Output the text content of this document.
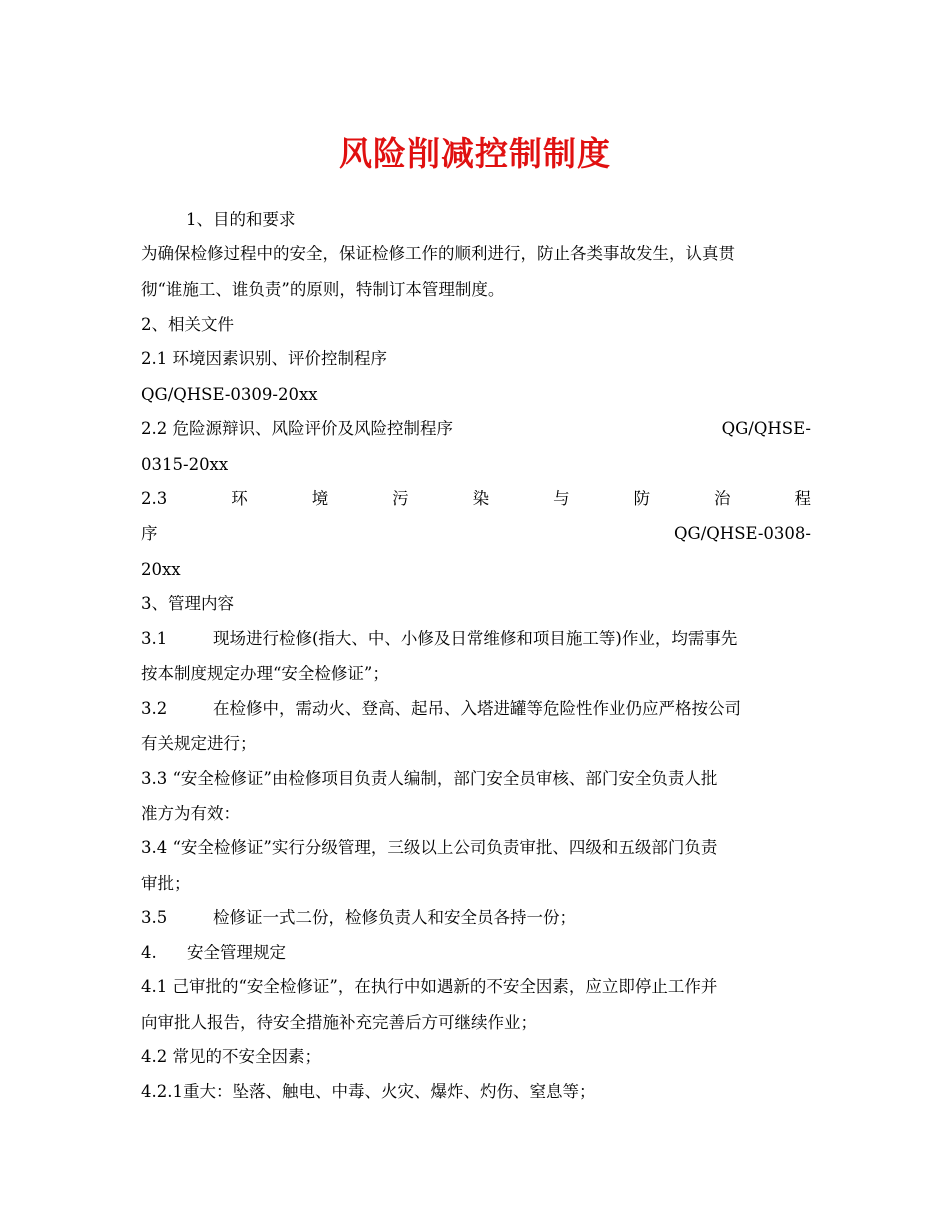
风险削减控制制度
1、目的和要求
为确保检修过程中的安全，保证检修工作的顺利进行，防止各类事故发生，认真贯
彻“谁施工、谁负责”的原则，特制订本管理制度。
2、相关文件
2.1 环境因素识别、评价控制程序
QG/QHSE-0309-20xx
2.2 危险源辩识、风险评价及风险控制程序	QG/QHSE-
0315-20xx
2.3	环	境	污	染	与	防	治	程
序	QG/QHSE-0308-
20xx
3、管理内容
3.1	现场进行检修(指大、中、小修及日常维修和项目施工等)作业，均需事先
按本制度规定办理“安全检修证”；
3.2	在检修中，需动火、登高、起吊、入塔进罐等危险性作业仍应严格按公司
有关规定进行；
3.3 “安全检修证”由检修项目负责人编制，部门安全员审核、部门安全负责人批
准方为有效：
3.4 “安全检修证”实行分级管理，三级以上公司负责审批、四级和五级部门负责
审批；
3.5	检修证一式二份，检修负责人和安全员各持一份；
4. 安全管理规定
4.1 己审批的“安全检修证”，在执行中如遇新的不安全因素，应立即停止工作并
向审批人报告，待安全措施补充完善后方可继续作业；
4.2 常见的不安全因素；
4.2.1重大：坠落、触电、中毒、火灾、爆炸、灼伤、窒息等；
